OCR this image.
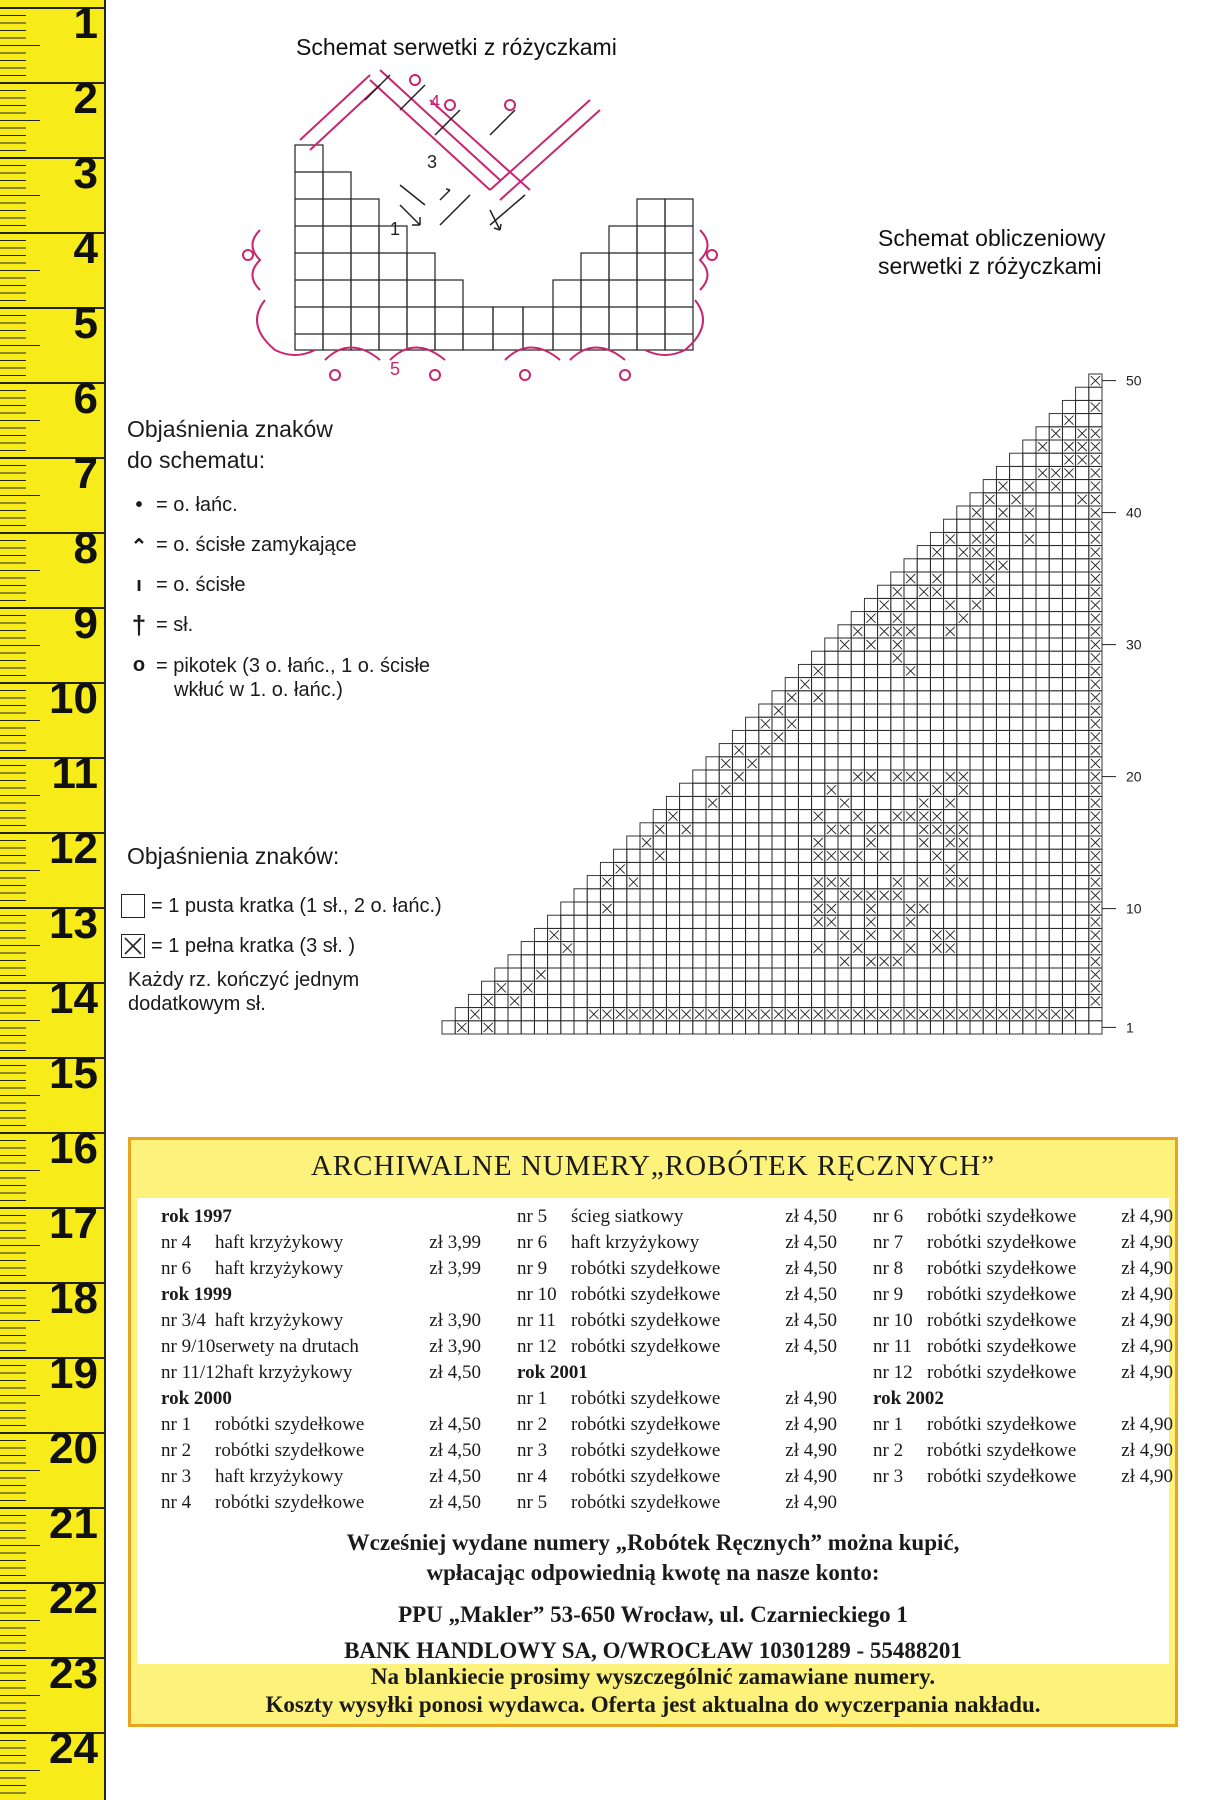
1
2
3
4
5
6
7
8
9
10
11
12
13
14
15
16
17
18
19
20
21
22
23
24
Schemat serwetki z różyczkami
Schemat obliczeniowy
serwetki z różyczkami
4
3
1
5
Objaśnienia znaków
do schematu:
• = o. łańc.
⌃ = o. ścisłe zamykające
ı = o. ścisłe
† = sł.
o = pikotek (3 o. łańc., 1 o. ścisłe
wkłuć w 1. o. łańc.)
Objaśnienia znaków:
= 1 pusta kratka (1 sł., 2 o. łańc.)
= 1 pełna kratka (3 sł. )
Każdy rz. kończyć jednym
dodatkowym sł.
50
40
30
20
10
1
ARCHIWALNE NUMERY„ROBÓTEK RĘCZNYCH”
rok 1997
nr 4 haft krzyżykowy	zł 3,99
nr 6 haft krzyżykowy	zł 3,99
rok 1999
nr 3/4 haft krzyżykowy	zł 3,90
nr 9/10serwety na drutach	zł 3,90
nr 11/12haft krzyżykowy	zł 4,50
rok 2000
nr 1 robótki szydełkowe	zł 4,50
nr 2 robótki szydełkowe	zł 4,50
nr 3 haft krzyżykowy	zł 4,50
nr 4 robótki szydełkowe	zł 4,50
nr 5 ścieg siatkowy	zł 4,50
nr 6 haft krzyżykowy	zł 4,50
nr 9 robótki szydełkowe	zł 4,50
nr 10 robótki szydełkowe	zł 4,50
nr 11 robótki szydełkowe	zł 4,50
nr 12 robótki szydełkowe	zł 4,50
rok 2001
nr 1 robótki szydełkowe	zł 4,90
nr 2 robótki szydełkowe	zł 4,90
nr 3 robótki szydełkowe	zł 4,90
nr 4 robótki szydełkowe	zł 4,90
nr 5 robótki szydełkowe	zł 4,90
nr 6 robótki szydełkowe zł 4,90
nr 7 robótki szydełkowe zł 4,90
nr 8 robótki szydełkowe zł 4,90
nr 9 robótki szydełkowe zł 4,90
nr 10 robótki szydełkowe zł 4,90
nr 11 robótki szydełkowe zł 4,90
nr 12 robótki szydełkowe zł 4,90
rok 2002
nr 1 robótki szydełkowe zł 4,90
nr 2 robótki szydełkowe zł 4,90
nr 3 robótki szydełkowe zł 4,90
Wcześniej wydane numery „Robótek Ręcznych” można kupić,
wpłacając odpowiednią kwotę na nasze konto:
PPU „Makler” 53-650 Wrocław, ul. Czarnieckiego 1
BANK HANDLOWY SA, O/WROCŁAW 10301289 - 55488201
Na blankiecie prosimy wyszczególnić zamawiane numery.
Koszty wysyłki ponosi wydawca. Oferta jest aktualna do wyczerpania nakładu.
